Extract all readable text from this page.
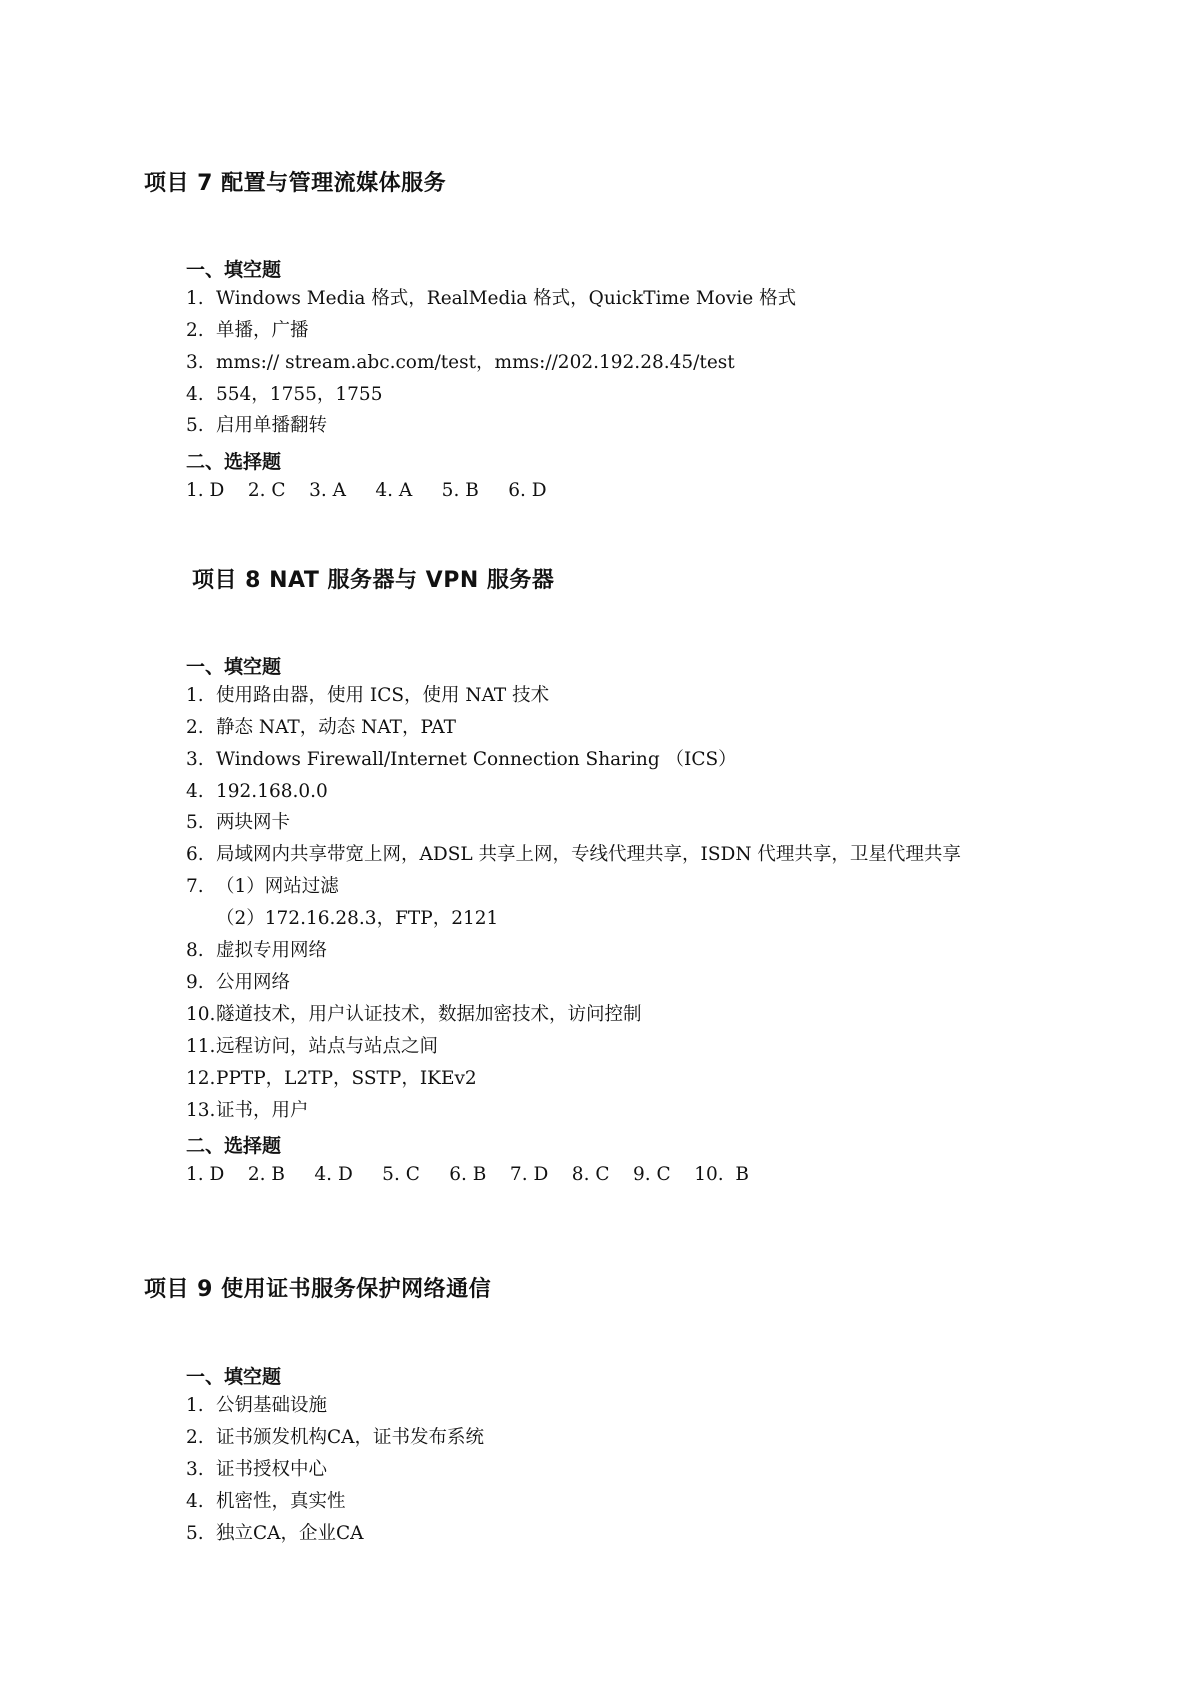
项目 7 配置与管理流媒体服务
一、填空题
1. Windows Media 格式，RealMedia 格式，QuickTime Movie 格式
2. 单播，广播
3. mms:// stream.abc.com/test，mms://202.192.28.45/test
4. 554，1755，1755
5. 启用单播翻转
二、选择题
1. D    2. C    3. A     4. A     5. B     6. D
项目 8 NAT 服务器与 VPN 服务器
一、填空题
1. 使用路由器，使用 ICS，使用 NAT 技术
2. 静态 NAT，动态 NAT，PAT
3. Windows Firewall/Internet Connection Sharing （ICS）
4. 192.168.0.0
5. 两块网卡
6. 局域网内共享带宽上网，ADSL 共享上网，专线代理共享，ISDN 代理共享，卫星代理共享
7. （1）网站过滤
（2）172.16.28.3，FTP，2121
8. 虚拟专用网络
9. 公用网络
10.隧道技术，用户认证技术，数据加密技术，访问控制
11.远程访问，站点与站点之间
12.PPTP，L2TP，SSTP，IKEv2
13.证书，用户
二、选择题
1. D    2. B     4. D     5. C     6. B    7. D    8. C    9. C    10.  B
项目 9 使用证书服务保护网络通信
一、填空题
1. 公钥基础设施
2. 证书颁发机构CA，证书发布系统
3. 证书授权中心
4. 机密性，真实性
5. 独立CA，企业CA
